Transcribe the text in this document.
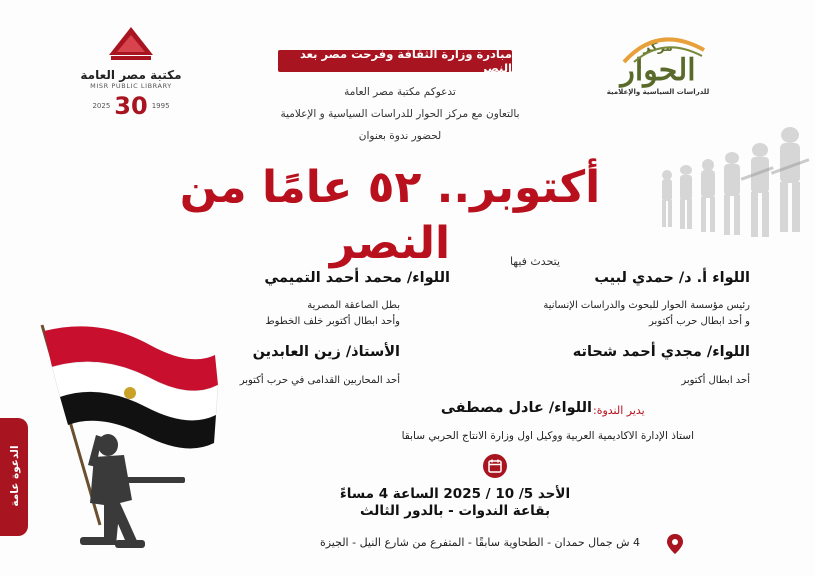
مكتبة مصر العامة
MISR PUBLIC LIBRARY
2025 30 1995
مركز
الحوار
للدراسات السياسية والإعلامية
مبادرة وزارة الثقافة وفرحت مصر بعد النصر
تدعوكم مكتبة مصر العامة
بالتعاون مع مركز الحوار للدراسات السياسية و الإعلامية
لحضور ندوة بعنوان
أكتوبر.. ٥٢ عامًا من النصر	يتحدث فيها
اللواء أ. د/ حمدي لبيب
رئيس مؤسسة الحوار للبحوث والدراسات الإنسانية
و أحد ابطال حرب أكتوبر
اللواء/ محمد أحمد التميمي
بطل الصاعقة المصرية
وأحد ابطال أكتوبر خلف الخطوط
اللواء/ مجدي أحمد شحاته
أحد ابطال أكتوبر
الأستاذ/ زين العابدين
أحد المحاربين القدامى في حرب أكتوبر
يدير الندوة:
اللواء/ عادل مصطفى
استاذ الإدارة الاكاديمية العربية ووكيل اول وزارة الانتاج الحربي سابقا
الأحد 5/ 10 / 2025 الساعة 4 مساءً
بقاعة الندوات - بالدور الثالث
4 ش جمال حمدان - الطحاوية سابقًا - المتفرع من شارع النيل - الجيزة
الدعوة عامة
